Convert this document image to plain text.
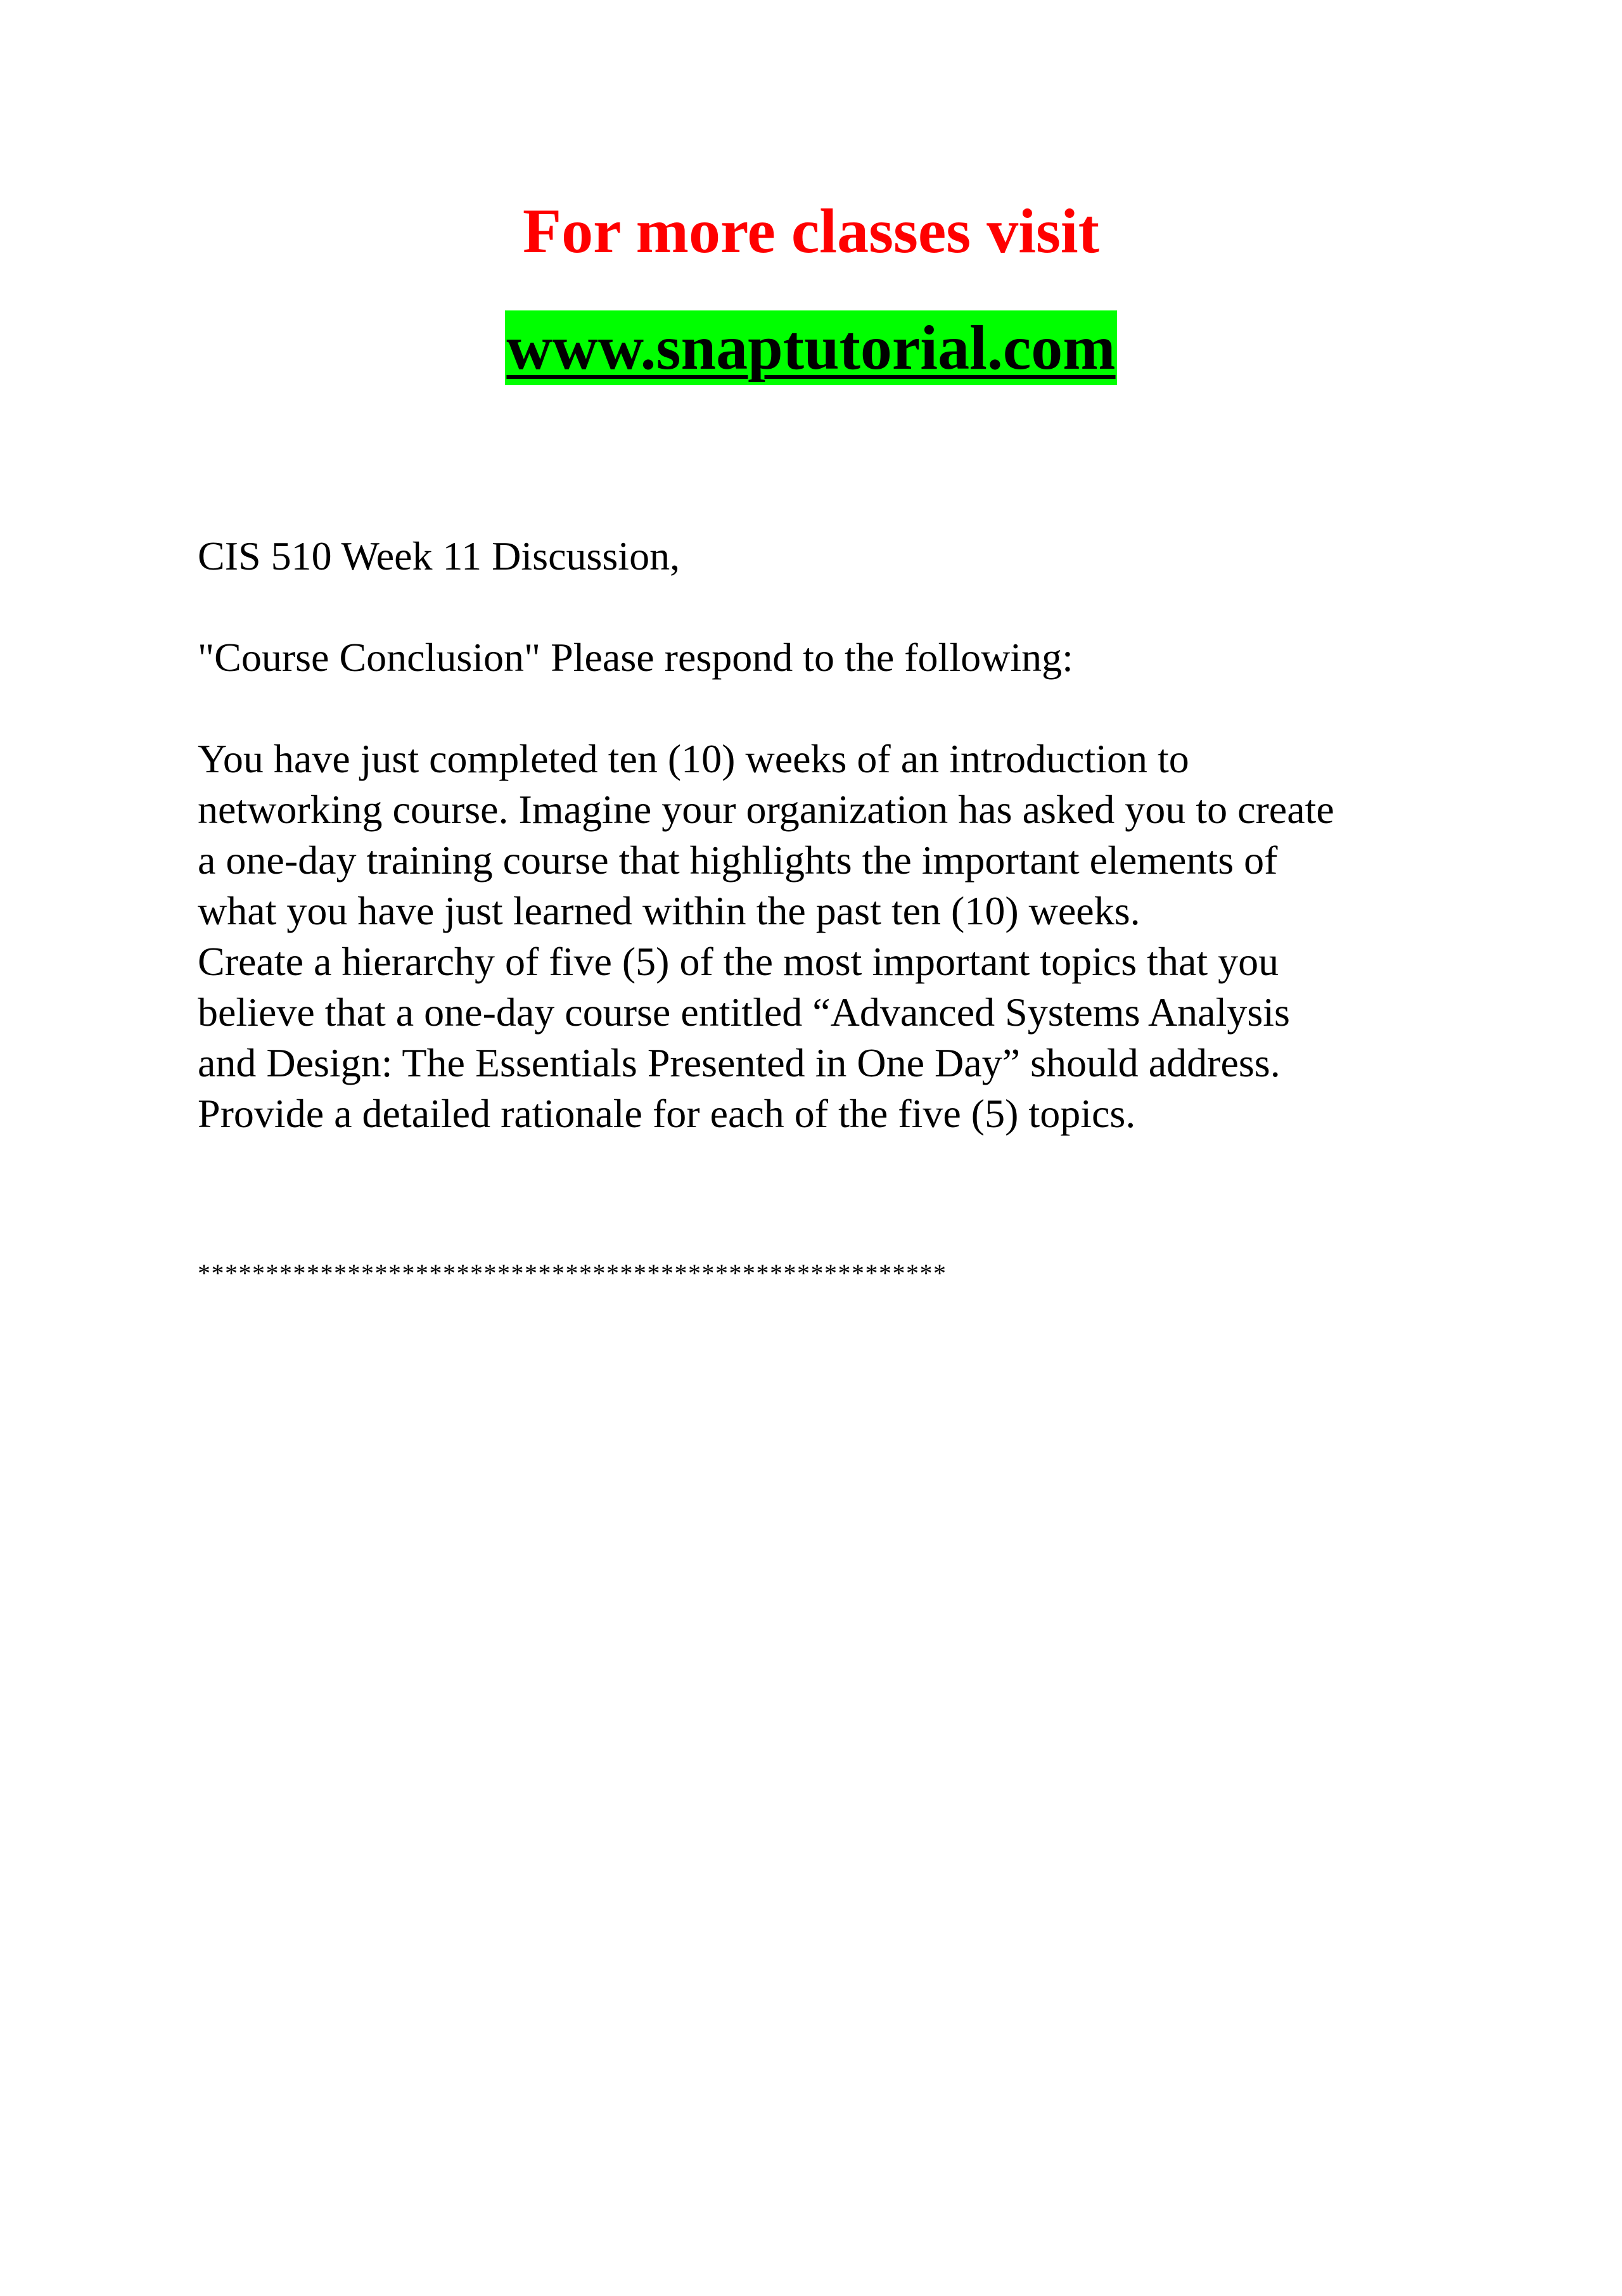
For more classes visit
www.snaptutorial.com

CIS 510 Week 11 Discussion,

"Course Conclusion" Please respond to the following:

You have just completed ten (10) weeks of an introduction to
networking course. Imagine your organization has asked you to create
a one-day training course that highlights the important elements of
what you have just learned within the past ten (10) weeks.
Create a hierarchy of five (5) of the most important topics that you
believe that a one-day course entitled “Advanced Systems Analysis
and Design: The Essentials Presented in One Day” should address.
Provide a detailed rationale for each of the five (5) topics.

*******************************************************
